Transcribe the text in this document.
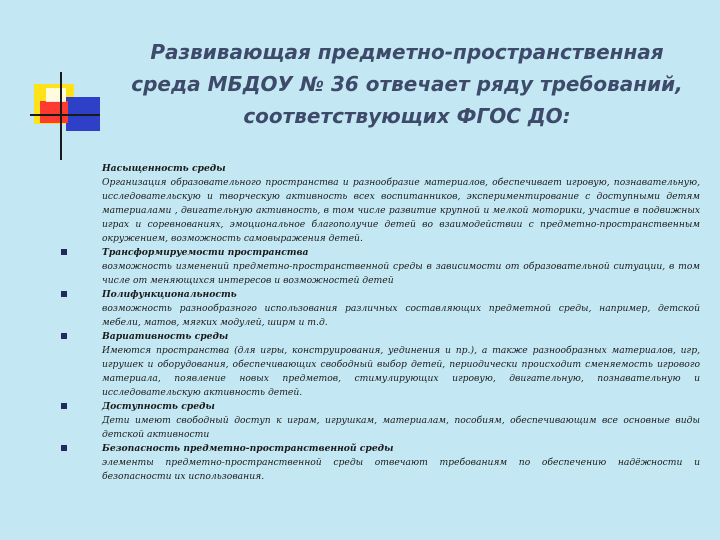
Развивающая предметно-пространственная среда МБДОУ № 36 отвечает ряду требований, соответствующих ФГОС ДО:
Насыщенность среды
Организация образовательного пространства и разнообразие материалов, обеспечивает игровую, познавательную, исследовательскую и творческую активность всех воспитанников, экспериментирование с доступными детям материалами , двигательную активность, в том числе развитие крупной и мелкой моторики, участие в подвижных играх и соревнованиях, эмоциональное благополучие детей во взаимодействии с предметно-пространственным окружением, возможность самовыражения детей.
Трансформируемости пространства
возможность изменений предметно-пространственной среды в зависимости от образовательной ситуации, в том числе от меняющихся интересов и возможностей детей
Полифункциональность
возможность разнообразного использования различных составляющих предметной среды, например, детской мебели, матов, мягких модулей, ширм и т.д.
Вариативность среды
Имеются пространства (для игры, конструирования, уединения и пр.), а также разнообразных материалов, игр, игрушек и оборудования, обеспечивающих свободный выбор детей, периодически происходит сменяемость игрового материала, появление новых предметов, стимулирующих игровую, двигательную, познавательную и исследовательскую активность детей.
Доступность среды
Дети имеют свободный доступ к играм, игрушкам, материалам, пособиям, обеспечивающим все основные виды детской активности
Безопасность предметно-пространственной среды
элементы предметно-пространственной среды отвечают требованиям по обеспечению надёжности и безопасности их использования.
